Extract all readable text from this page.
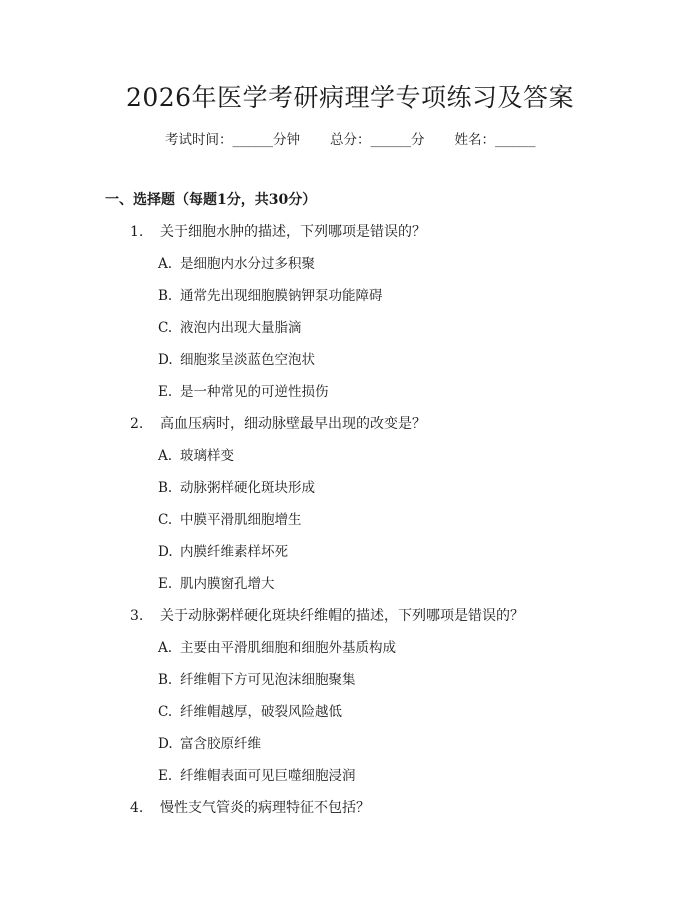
2026年医学考研病理学专项练习及答案
考试时间：______分钟 总分：______分 姓名：______
一、选择题（每题1分，共30分）
1. 关于细胞水肿的描述，下列哪项是错误的？
A. 是细胞内水分过多积聚
B. 通常先出现细胞膜钠钾泵功能障碍
C. 液泡内出现大量脂滴
D. 细胞浆呈淡蓝色空泡状
E. 是一种常见的可逆性损伤
2. 高血压病时，细动脉壁最早出现的改变是？
A. 玻璃样变
B. 动脉粥样硬化斑块形成
C. 中膜平滑肌细胞增生
D. 内膜纤维素样坏死
E. 肌内膜窗孔增大
3. 关于动脉粥样硬化斑块纤维帽的描述，下列哪项是错误的？
A. 主要由平滑肌细胞和细胞外基质构成
B. 纤维帽下方可见泡沫细胞聚集
C. 纤维帽越厚，破裂风险越低
D. 富含胶原纤维
E. 纤维帽表面可见巨噬细胞浸润
4. 慢性支气管炎的病理特征不包括？
